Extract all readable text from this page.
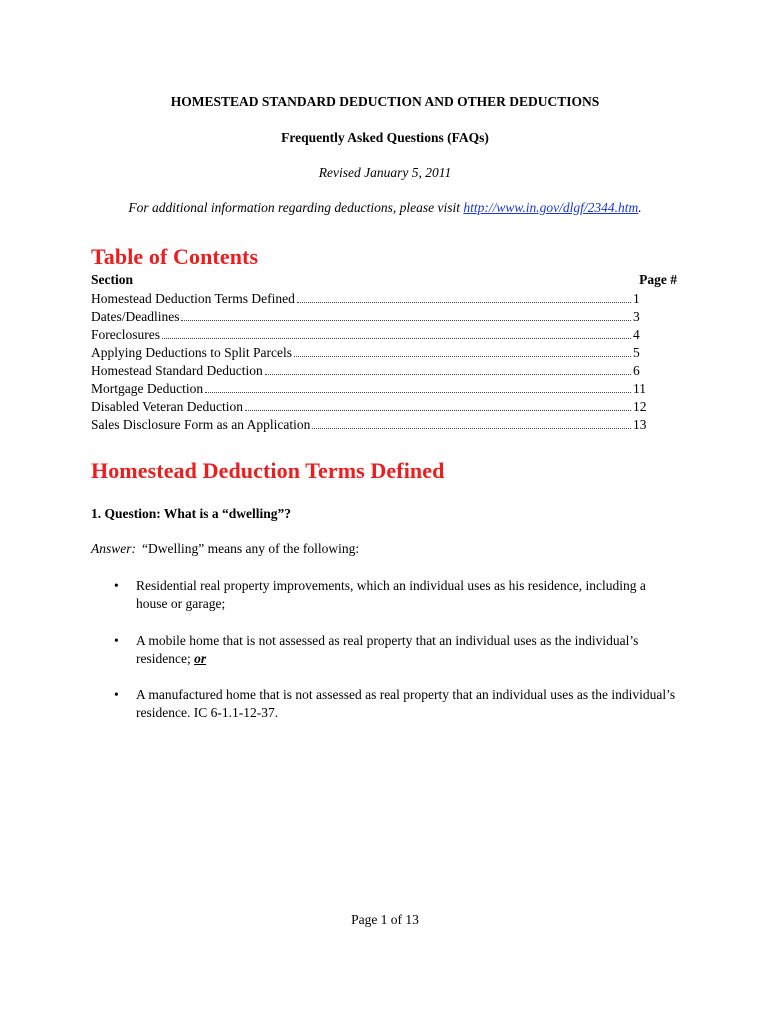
HOMESTEAD STANDARD DEDUCTION AND OTHER DEDUCTIONS
Frequently Asked Questions (FAQs)
Revised January 5, 2011
For additional information regarding deductions, please visit http://www.in.gov/dlgf/2344.htm.
Table of Contents
Section	Page #
Homestead Deduction Terms Defined	1
Dates/Deadlines	3
Foreclosures	4
Applying Deductions to Split Parcels	5
Homestead Standard Deduction	6
Mortgage Deduction	11
Disabled Veteran Deduction	12
Sales Disclosure Form as an Application	13
Homestead Deduction Terms Defined
1. Question: What is a “dwelling”?
Answer: “Dwelling” means any of the following:
• Residential real property improvements, which an individual uses as his residence, including a house or garage;
• A mobile home that is not assessed as real property that an individual uses as the individual’s residence; or
• A manufactured home that is not assessed as real property that an individual uses as the individual’s residence. IC 6-1.1-12-37.
Page 1 of 13
